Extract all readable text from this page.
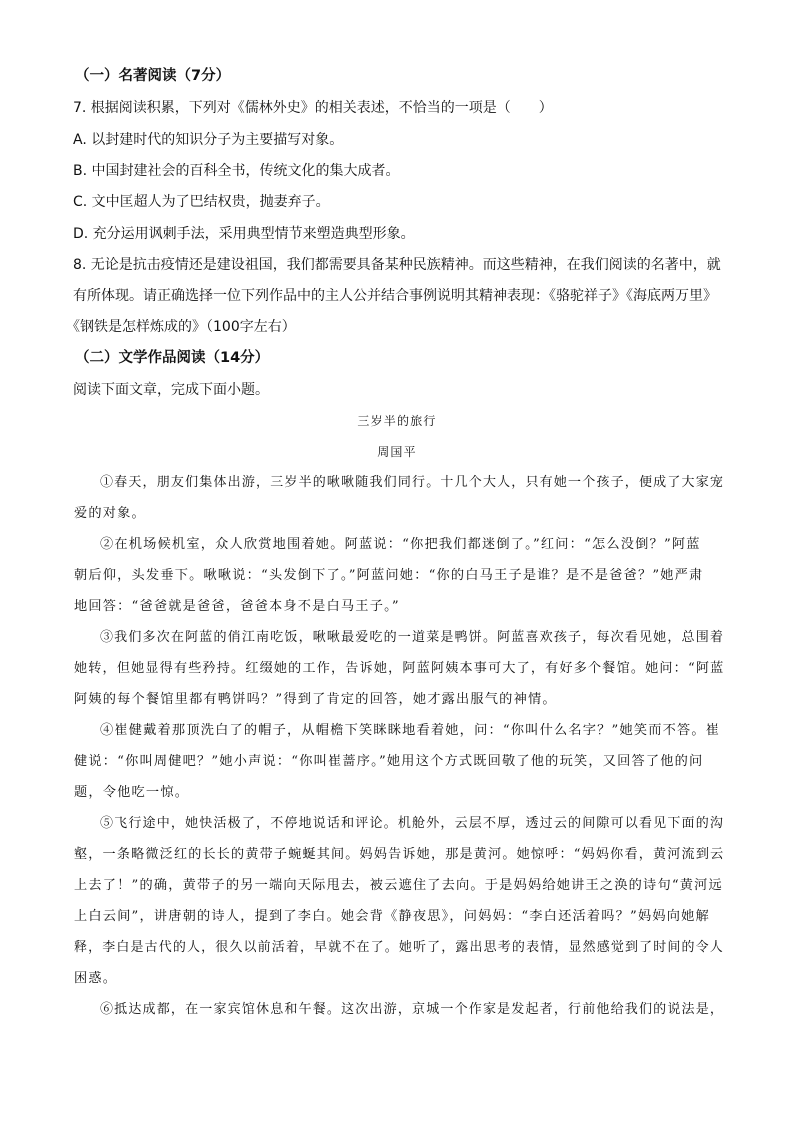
（一）名著阅读（7分）
7. 根据阅读积累，下列对《儒林外史》的相关表述，不恰当的一项是（　　）
A. 以封建时代的知识分子为主要描写对象。
B. 中国封建社会的百科全书，传统文化的集大成者。
C. 文中匡超人为了巴结权贵，抛妻弃子。
D. 充分运用讽刺手法，采用典型情节来塑造典型形象。
8. 无论是抗击疫情还是建设祖国，我们都需要具备某种民族精神。而这些精神，在我们阅读的名著中，就
有所体现。请正确选择一位下列作品中的主人公并结合事例说明其精神表现：《骆驼祥子》《海底两万里》
《钢铁是怎样炼成的》（100字左右）
（二）文学作品阅读（14分）
阅读下面文章，完成下面小题。
三岁半的旅行
周国平
①春天，朋友们集体出游，三岁半的啾啾随我们同行。十几个大人，只有她一个孩子，便成了大家宠
爱的对象。
②在机场候机室，众人欣赏地围着她。阿蓝说：“你把我们都迷倒了。”红问：“怎么没倒？”阿蓝
朝后仰，头发垂下。啾啾说：“头发倒下了。”阿蓝问她：“你的白马王子是谁？是不是爸爸？”她严肃
地回答：“爸爸就是爸爸，爸爸本身不是白马王子。”
③我们多次在阿蓝的俏江南吃饭，啾啾最爱吃的一道菜是鸭饼。阿蓝喜欢孩子，每次看见她，总围着
她转，但她显得有些矜持。红缀她的工作，告诉她，阿蓝阿姨本事可大了，有好多个餐馆。她问：“阿蓝
阿姨的每个餐馆里都有鸭饼吗？”得到了肯定的回答，她才露出服气的神情。
④崔健戴着那顶洗白了的帽子，从帽檐下笑眯眯地看着她，问：“你叫什么名字？”她笑而不答。崔
健说：“你叫周健吧？”她小声说：“你叫崔蔷序。”她用这个方式既回敬了他的玩笑，又回答了他的问
题，令他吃一惊。
⑤飞行途中，她快活极了，不停地说话和评论。机舱外，云层不厚，透过云的间隙可以看见下面的沟
壑，一条略微泛红的长长的黄带子蜿蜒其间。妈妈告诉她，那是黄河。她惊呼：“妈妈你看，黄河流到云
上去了！”的确，黄带子的另一端向天际甩去，被云遮住了去向。于是妈妈给她讲王之涣的诗句“黄河远
上白云间”，讲唐朝的诗人，提到了李白。她会背《静夜思》，问妈妈：“李白还活着吗？”妈妈向她解
释，李白是古代的人，很久以前活着，早就不在了。她听了，露出思考的表情，显然感觉到了时间的令人
困惑。
⑥抵达成都，在一家宾馆休息和午餐。这次出游，京城一个作家是发起者，行前他给我们的说法是，
